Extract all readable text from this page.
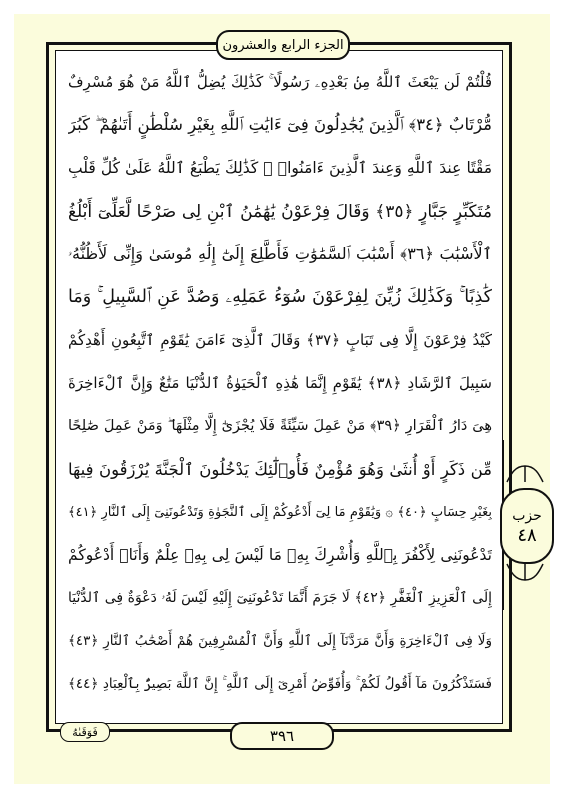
الجزء الرابع والعشرون
قُلْتُمْ لَن يَبْعَثَ ٱللَّهُ مِنۢ بَعْدِهِۦ رَسُولًا ۚ كَذَٰلِكَ يُضِلُّ ٱللَّهُ مَنْ هُوَ مُسْرِفٌ
مُّرْتَابٌ ﴿٣٤﴾ ٱلَّذِينَ يُجَٰدِلُونَ فِىٓ ءَايَٰتِ ٱللَّهِ بِغَيْرِ سُلْطَٰنٍ أَتَىٰهُمْ ۖ كَبُرَ
مَقْتًا عِندَ ٱللَّهِ وَعِندَ ٱلَّذِينَ ءَامَنُوا۟ ۚ كَذَٰلِكَ يَطْبَعُ ٱللَّهُ عَلَىٰ كُلِّ قَلْبِ
مُتَكَبِّرٍ جَبَّارٍ ﴿٣٥﴾ وَقَالَ فِرْعَوْنُ يَٰهَٰمَٰنُ ٱبْنِ لِى صَرْحًا لَّعَلِّىٓ أَبْلُغُ
ٱلْأَسْبَٰبَ ﴿٣٦﴾ أَسْبَٰبَ ٱلسَّمَٰوَٰتِ فَأَطَّلِعَ إِلَىٰٓ إِلَٰهِ مُوسَىٰ وَإِنِّى لَأَظُنُّهُۥ
كَٰذِبًا ۚ وَكَذَٰلِكَ زُيِّنَ لِفِرْعَوْنَ سُوٓءُ عَمَلِهِۦ وَصُدَّ عَنِ ٱلسَّبِيلِ ۚ وَمَا
كَيْدُ فِرْعَوْنَ إِلَّا فِى تَبَابٍ ﴿٣٧﴾ وَقَالَ ٱلَّذِىٓ ءَامَنَ يَٰقَوْمِ ٱتَّبِعُونِ أَهْدِكُمْ
سَبِيلَ ٱلرَّشَادِ ﴿٣٨﴾ يَٰقَوْمِ إِنَّمَا هَٰذِهِ ٱلْحَيَوٰةُ ٱلدُّنْيَا مَتَٰعٌ وَإِنَّ ٱلْءَاخِرَةَ
هِىَ دَارُ ٱلْقَرَارِ ﴿٣٩﴾ مَنْ عَمِلَ سَيِّئَةً فَلَا يُجْزَىٰٓ إِلَّا مِثْلَهَا ۖ وَمَنْ عَمِلَ صَٰلِحًا
مِّن ذَكَرٍ أَوْ أُنثَىٰ وَهُوَ مُؤْمِنٌ فَأُو۟لَٰٓئِكَ يَدْخُلُونَ ٱلْجَنَّةَ يُرْزَقُونَ فِيهَا
بِغَيْرِ حِسَابٍ ﴿٤٠﴾ ۞ وَيَٰقَوْمِ مَا لِىٓ أَدْعُوكُمْ إِلَى ٱلنَّجَوٰةِ وَتَدْعُونَنِىٓ إِلَى ٱلنَّارِ ﴿٤١﴾
تَدْعُونَنِى لِأَكْفُرَ بِٱللَّهِ وَأُشْرِكَ بِهِۦ مَا لَيْسَ لِى بِهِۦ عِلْمٌ وَأَنَا۠ أَدْعُوكُمْ
إِلَى ٱلْعَزِيزِ ٱلْغَفَّٰرِ ﴿٤٢﴾ لَا جَرَمَ أَنَّمَا تَدْعُونَنِىٓ إِلَيْهِ لَيْسَ لَهُۥ دَعْوَةٌ فِى ٱلدُّنْيَا
وَلَا فِى ٱلْءَاخِرَةِ وَأَنَّ مَرَدَّنَآ إِلَى ٱللَّهِ وَأَنَّ ٱلْمُسْرِفِينَ هُمْ أَصْحَٰبُ ٱلنَّارِ ﴿٤٣﴾
فَسَتَذْكُرُونَ مَآ أَقُولُ لَكُمْ ۚ وَأُفَوِّضُ أَمْرِىٓ إِلَى ٱللَّهِ ۚ إِنَّ ٱللَّهَ بَصِيرٌۢ بِٱلْعِبَادِ ﴿٤٤﴾
حزب
٤٨
فَوَقَىٰهُ	٣٩٦
